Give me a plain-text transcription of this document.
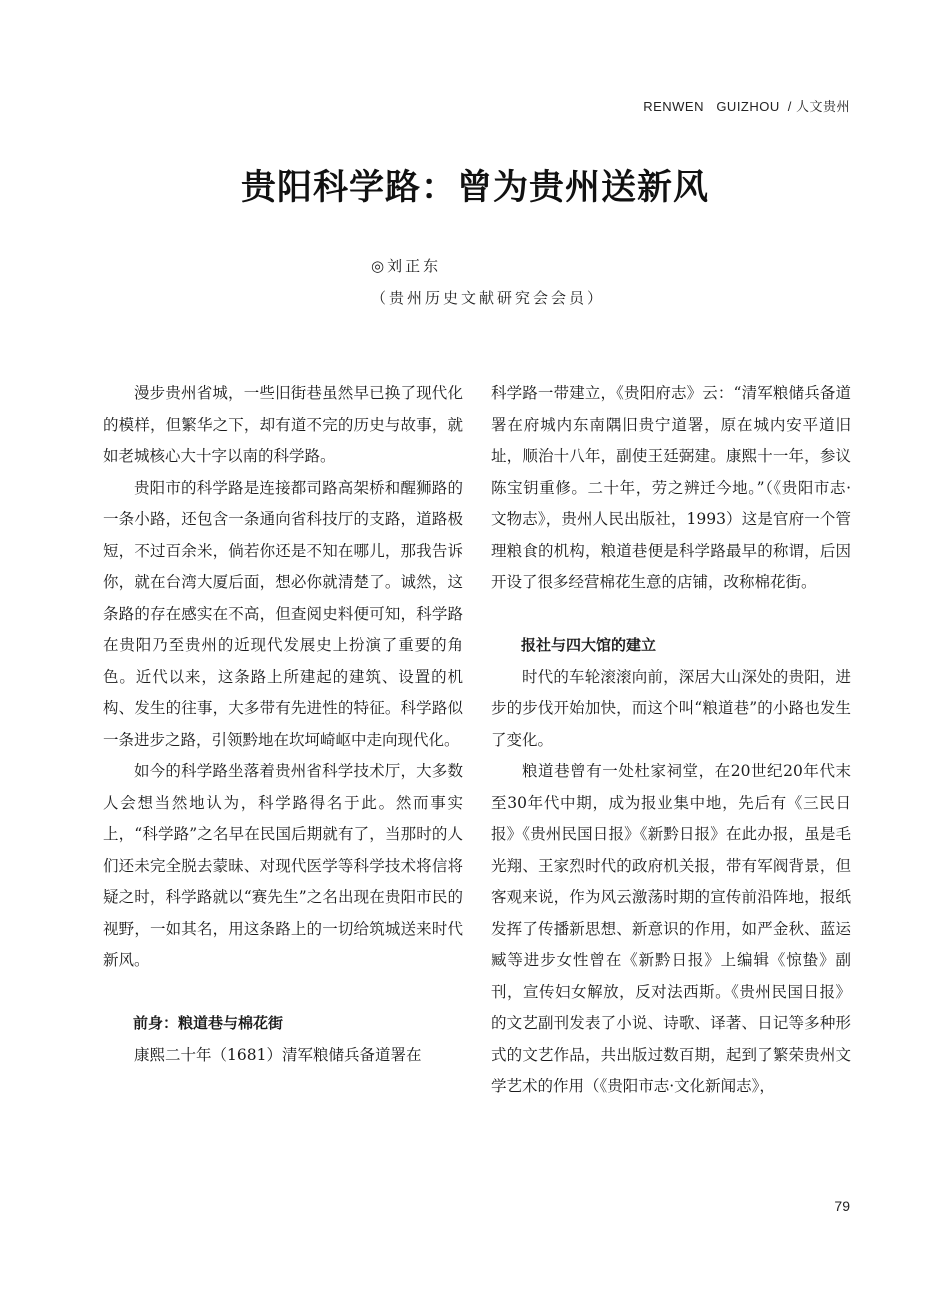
RENWEN   GUIZHOU / 人文贵州
贵阳科学路：曾为贵州送新风
◎刘正东
（贵州历史文献研究会会员）

漫步贵州省城，一些旧街巷虽然早已换了现代化的模样，但繁华之下，却有道不完的历史与故事，就如老城核心大十字以南的科学路。

贵阳市的科学路是连接都司路高架桥和醒狮路的一条小路，还包含一条通向省科技厅的支路，道路极短，不过百余米，倘若你还是不知在哪儿，那我告诉你，就在台湾大厦后面，想必你就清楚了。诚然，这条路的存在感实在不高，但查阅史料便可知，科学路在贵阳乃至贵州的近现代发展史上扮演了重要的角色。近代以来，这条路上所建起的建筑、设置的机构、发生的往事，大多带有先进性的特征。科学路似一条进步之路，引领黔地在坎坷崎岖中走向现代化。

如今的科学路坐落着贵州省科学技术厅，大多数人会想当然地认为，科学路得名于此。然而事实上，“科学路”之名早在民国后期就有了，当那时的人们还未完全脱去蒙昧、对现代医学等科学技术将信将疑之时，科学路就以“赛先生”之名出现在贵阳市民的视野，一如其名，用这条路上的一切给筑城送来时代新风。

前身：粮道巷与棉花街

康熙二十年（1681）清军粮储兵备道署在

科学路一带建立，《贵阳府志》云：“清军粮储兵备道署在府城内东南隅旧贵宁道署，原在城内安平道旧址，顺治十八年，副使王廷弼建。康熙十一年，参议陈宝钥重修。二十年，劳之辨迁今地。”（《贵阳市志·文物志》，贵州人民出版社，1993）这是官府一个管理粮食的机构，粮道巷便是科学路最早的称谓，后因开设了很多经营棉花生意的店铺，改称棉花街。

报社与四大馆的建立

时代的车轮滚滚向前，深居大山深处的贵阳，进步的步伐开始加快，而这个叫“粮道巷”的小路也发生了变化。

粮道巷曾有一处杜家祠堂，在20世纪20年代末至30年代中期，成为报业集中地，先后有《三民日报》《贵州民国日报》《新黔日报》在此办报，虽是毛光翔、王家烈时代的政府机关报，带有军阀背景，但客观来说，作为风云激荡时期的宣传前沿阵地，报纸发挥了传播新思想、新意识的作用，如严金秋、蓝运臧等进步女性曾在《新黔日报》上编辑《惊蛰》副刊，宣传妇女解放，反对法西斯。《贵州民国日报》的文艺副刊发表了小说、诗歌、译著、日记等多种形式的文艺作品，共出版过数百期，起到了繁荣贵州文学艺术的作用（《贵阳市志·文化新闻志》，

79
